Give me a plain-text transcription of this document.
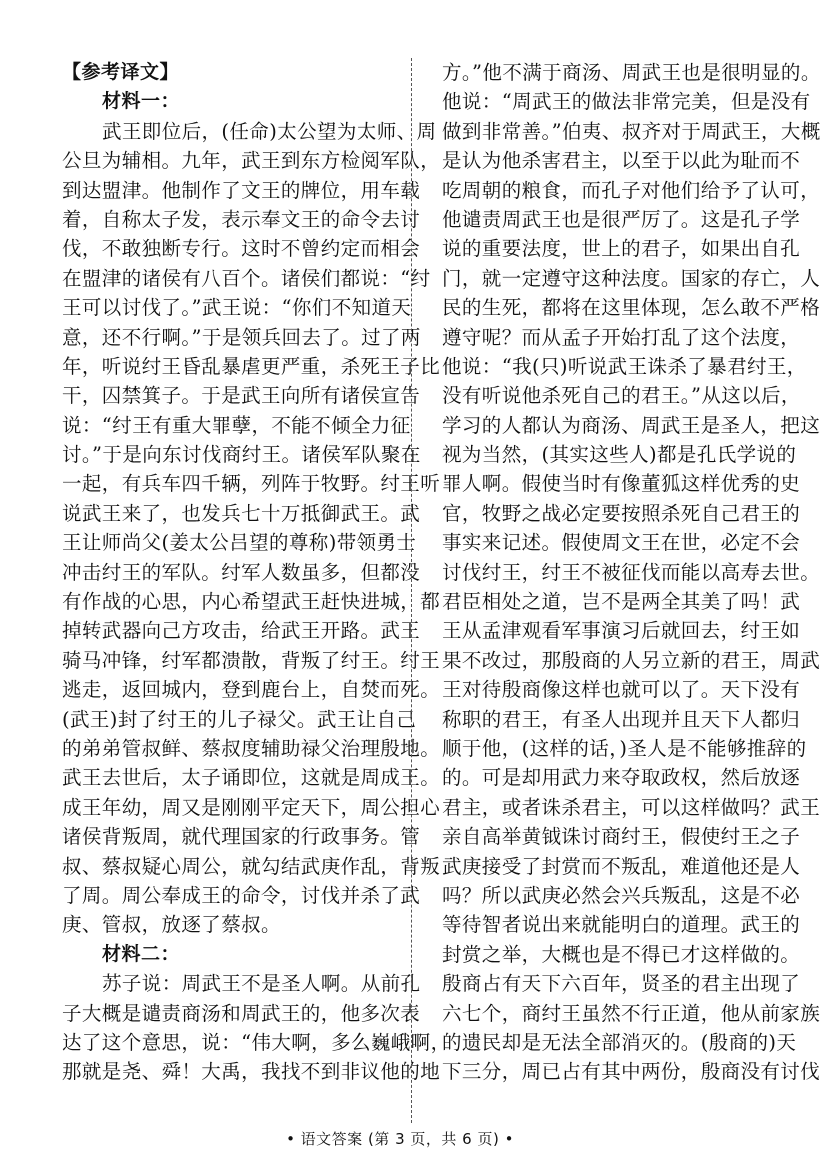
【参考译文】
材料一：
武王即位后，(任命)太公望为太师、周
公旦为辅相。九年，武王到东方检阅军队，
到达盟津。他制作了文王的牌位，用车载
着，自称太子发，表示奉文王的命令去讨
伐，不敢独断专行。这时不曾约定而相会
在盟津的诸侯有八百个。诸侯们都说：“纣
王可以讨伐了。”武王说：“你们不知道天
意，还不行啊。”于是领兵回去了。过了两
年，听说纣王昏乱暴虐更严重，杀死王子比
干，囚禁箕子。于是武王向所有诸侯宣告
说：“纣王有重大罪孽，不能不倾全力征
讨。”于是向东讨伐商纣王。诸侯军队聚在
一起，有兵车四千辆，列阵于牧野。纣王听
说武王来了，也发兵七十万抵御武王。武
王让师尚父(姜太公吕望的尊称)带领勇士
冲击纣王的军队。纣军人数虽多，但都没
有作战的心思，内心希望武王赶快进城，都
掉转武器向己方攻击，给武王开路。武王
骑马冲锋，纣军都溃散，背叛了纣王。纣王
逃走，返回城内，登到鹿台上，自焚而死。
(武王)封了纣王的儿子禄父。武王让自己
的弟弟管叔鲜、蔡叔度辅助禄父治理殷地。
武王去世后，太子诵即位，这就是周成王。
成王年幼，周又是刚刚平定天下，周公担心
诸侯背叛周，就代理国家的行政事务。管
叔、蔡叔疑心周公，就勾结武庚作乱，背叛
了周。周公奉成王的命令，讨伐并杀了武
庚、管叔，放逐了蔡叔。
材料二：
苏子说：周武王不是圣人啊。从前孔
子大概是谴责商汤和周武王的，他多次表
达了这个意思，说：“伟大啊，多么巍峨啊，
那就是尧、舜！大禹，我找不到非议他的地
方。”他不满于商汤、周武王也是很明显的。
他说：“周武王的做法非常完美，但是没有
做到非常善。”伯夷、叔齐对于周武王，大概
是认为他杀害君主，以至于以此为耻而不
吃周朝的粮食，而孔子对他们给予了认可，
他谴责周武王也是很严厉了。这是孔子学
说的重要法度，世上的君子，如果出自孔
门，就一定遵守这种法度。国家的存亡，人
民的生死，都将在这里体现，怎么敢不严格
遵守呢？而从孟子开始打乱了这个法度，
他说：“我(只)听说武王诛杀了暴君纣王，
没有听说他杀死自己的君王。”从这以后，
学习的人都认为商汤、周武王是圣人，把这
视为当然，(其实这些人)都是孔氏学说的
罪人啊。假使当时有像董狐这样优秀的史
官，牧野之战必定要按照杀死自己君王的
事实来记述。假使周文王在世，必定不会
讨伐纣王，纣王不被征伐而能以高寿去世。
君臣相处之道，岂不是两全其美了吗！武
王从孟津观看军事演习后就回去，纣王如
果不改过，那殷商的人另立新的君王，周武
王对待殷商像这样也就可以了。天下没有
称职的君王，有圣人出现并且天下人都归
顺于他，(这样的话，)圣人是不能够推辞的
的。可是却用武力来夺取政权，然后放逐
君主，或者诛杀君主，可以这样做吗？武王
亲自高举黄钺诛讨商纣王，假使纣王之子
武庚接受了封赏而不叛乱，难道他还是人
吗？所以武庚必然会兴兵叛乱，这是不必
等待智者说出来就能明白的道理。武王的
封赏之举，大概也是不得已才这样做的。
殷商占有天下六百年，贤圣的君主出现了
六七个，商纣王虽然不行正道，他从前家族
的遗民却是无法全部消灭的。(殷商的)天
下三分，周已占有其中两份，殷商没有讨伐
• 语文答案 (第 3 页，共 6 页) •
